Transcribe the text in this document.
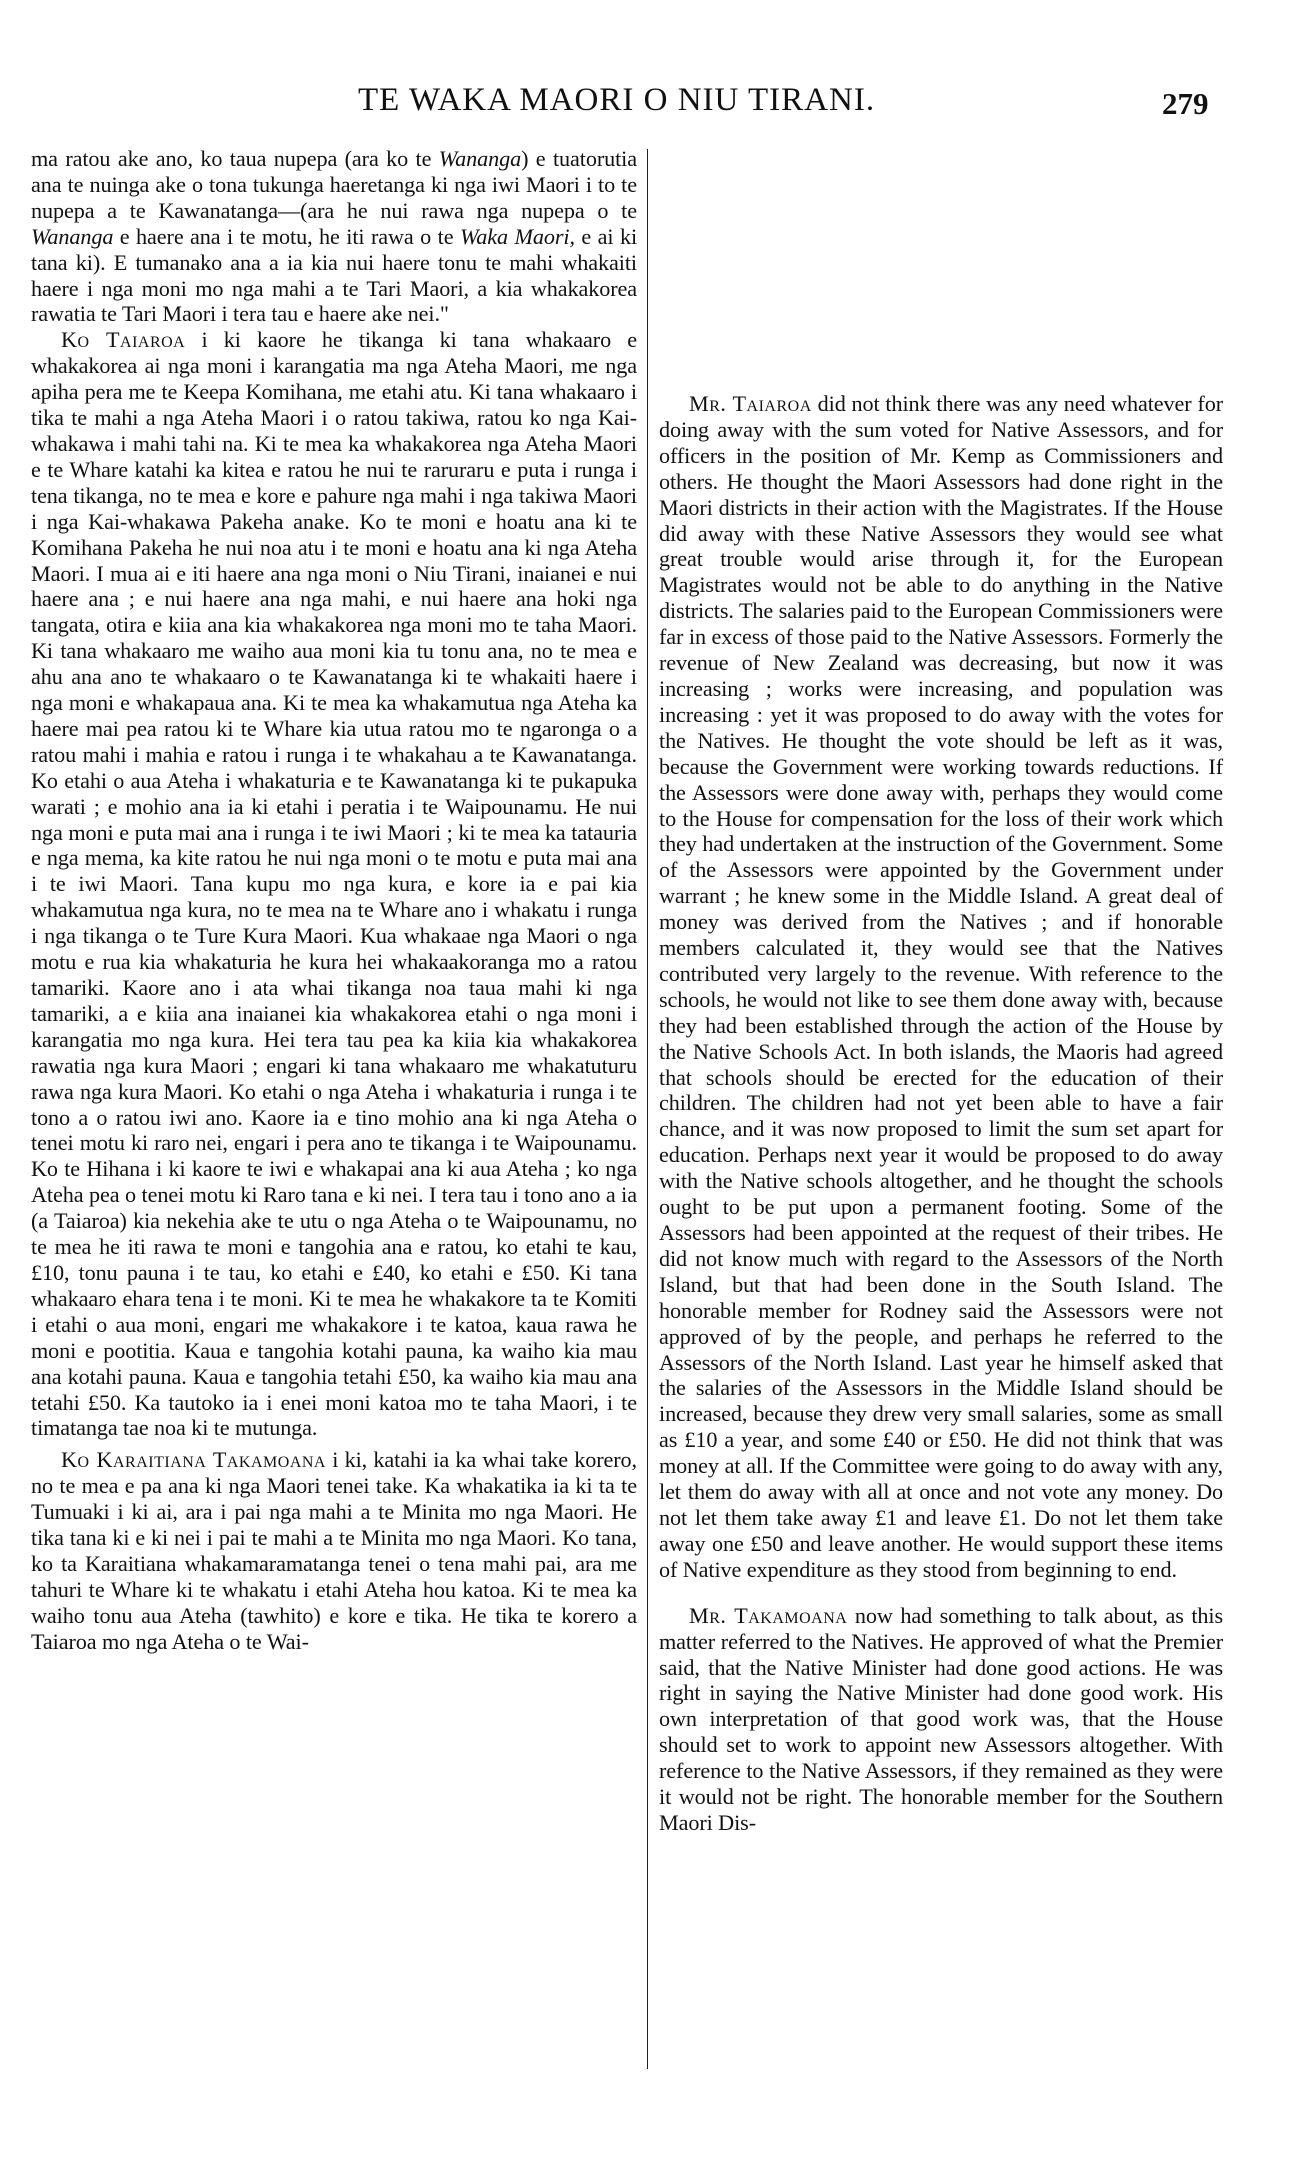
TE WAKA MAORI O NIU TIRANI.	279

ma ratou ake ano, ko taua nupepa (ara ko te Wananga) e tuatorutia ana te nuinga ake o tona tukunga haeretanga ki nga iwi Maori i to te nupepa a te Kawanatanga—(ara he nui rawa nga nupepa o te Wananga e haere ana i te motu, he iti rawa o te Waka Maori, e ai ki tana ki). E tumanako ana a ia kia nui haere tonu te mahi whakaiti haere i nga moni mo nga mahi a te Tari Maori, a kia whakakorea rawatia te Tari Maori i tera tau e haere ake nei."

Ko Taiaroa i ki kaore he tikanga ki tana whakaaro e whakakorea ai nga moni i karangatia ma nga Ateha Maori, me nga apiha pera me te Keepa Komihana, me etahi atu. Ki tana whakaaro i tika te mahi a nga Ateha Maori i o ratou takiwa, ratou ko nga Kai-whakawa i mahi tahi na. Ki te mea ka whakakorea nga Ateha Maori e te Whare katahi ka kitea e ratou he nui te raruraru e puta i runga i tena tikanga, no te mea e kore e pahure nga mahi i nga takiwa Maori i nga Kai-whakawa Pakeha anake. Ko te moni e hoatu ana ki te Komihana Pakeha he nui noa atu i te moni e hoatu ana ki nga Ateha Maori. I mua ai e iti haere ana nga moni o Niu Tirani, inaianei e nui haere ana ; e nui haere ana nga mahi, e nui haere ana hoki nga tangata, otira e kiia ana kia whakakorea nga moni mo te taha Maori. Ki tana whakaaro me waiho aua moni kia tu tonu ana, no te mea e ahu ana ano te whakaaro o te Kawanatanga ki te whakaiti haere i nga moni e whakapaua ana. Ki te mea ka whakamutua nga Ateha ka haere mai pea ratou ki te Whare kia utua ratou mo te ngaronga o a ratou mahi i mahia e ratou i runga i te whakahau a te Kawanatanga. Ko etahi o aua Ateha i whakaturia e te Kawanatanga ki te pukapuka warati ; e mohio ana ia ki etahi i peratia i te Waipounamu. He nui nga moni e puta mai ana i runga i te iwi Maori ; ki te mea ka tatauria e nga mema, ka kite ratou he nui nga moni o te motu e puta mai ana i te iwi Maori. Tana kupu mo nga kura, e kore ia e pai kia whakamutua nga kura, no te mea na te Whare ano i whakatu i runga i nga tikanga o te Ture Kura Maori. Kua whakaae nga Maori o nga motu e rua kia whakaturia he kura hei whakaakoranga mo a ratou tamariki. Kaore ano i ata whai tikanga noa taua mahi ki nga tamariki, a e kiia ana inaianei kia whakakorea etahi o nga moni i karangatia mo nga kura. Hei tera tau pea ka kiia kia whakakorea rawatia nga kura Maori ; engari ki tana whakaaro me whakatuturu rawa nga kura Maori. Ko etahi o nga Ateha i whakaturia i runga i te tono a o ratou iwi ano. Kaore ia e tino mohio ana ki nga Ateha o tenei motu ki raro nei, engari i pera ano te tikanga i te Waipounamu. Ko te Hihana i ki kaore te iwi e whakapai ana ki aua Ateha ; ko nga Ateha pea o tenei motu ki Raro tana e ki nei. I tera tau i tono ano a ia (a Taiaroa) kia nekehia ake te utu o nga Ateha o te Waipounamu, no te mea he iti rawa te moni e tangohia ana e ratou, ko etahi te kau, £10, tonu pauna i te tau, ko etahi e £40, ko etahi e £50. Ki tana whakaaro ehara tena i te moni. Ki te mea he whakakore ta te Komiti i etahi o aua moni, engari me whakakore i te katoa, kaua rawa he moni e pootitia. Kaua e tangohia kotahi pauna, ka waiho kia mau ana kotahi pauna. Kaua e tangohia tetahi £50, ka waiho kia mau ana tetahi £50. Ka tautoko ia i enei moni katoa mo te taha Maori, i te timatanga tae noa ki te mutunga.

Ko Karaitiana Takamoana i ki, katahi ia ka whai take korero, no te mea e pa ana ki nga Maori tenei take. Ka whakatika ia ki ta te Tumuaki i ki ai, ara i pai nga mahi a te Minita mo nga Maori. He tika tana ki e ki nei i pai te mahi a te Minita mo nga Maori. Ko tana, ko ta Karaitiana whakamaramatanga tenei o tena mahi pai, ara me tahuri te Whare ki te whakatu i etahi Ateha hou katoa. Ki te mea ka waiho tonu aua Ateha (tawhito) e kore e tika. He tika te korero a Taiaroa mo nga Ateha o te Wai-

Mr. Taiaroa did not think there was any need whatever for doing away with the sum voted for Native Assessors, and for officers in the position of Mr. Kemp as Commissioners and others. He thought the Maori Assessors had done right in the Maori districts in their action with the Magistrates. If the House did away with these Native Assessors they would see what great trouble would arise through it, for the European Magistrates would not be able to do anything in the Native districts. The salaries paid to the European Commissioners were far in excess of those paid to the Native Assessors. Formerly the revenue of New Zealand was decreasing, but now it was increasing ; works were increasing, and population was increasing : yet it was proposed to do away with the votes for the Natives. He thought the vote should be left as it was, because the Government were working towards reductions. If the Assessors were done away with, perhaps they would come to the House for compensation for the loss of their work which they had undertaken at the instruction of the Government. Some of the Assessors were appointed by the Government under warrant ; he knew some in the Middle Island. A great deal of money was derived from the Natives ; and if honorable members calculated it, they would see that the Natives contributed very largely to the revenue. With reference to the schools, he would not like to see them done away with, because they had been established through the action of the House by the Native Schools Act. In both islands, the Maoris had agreed that schools should be erected for the education of their children. The children had not yet been able to have a fair chance, and it was now proposed to limit the sum set apart for education. Perhaps next year it would be proposed to do away with the Native schools altogether, and he thought the schools ought to be put upon a permanent footing. Some of the Assessors had been appointed at the request of their tribes. He did not know much with regard to the Assessors of the North Island, but that had been done in the South Island. The honorable member for Rodney said the Assessors were not approved of by the people, and perhaps he referred to the Assessors of the North Island. Last year he himself asked that the salaries of the Assessors in the Middle Island should be increased, because they drew very small salaries, some as small as £10 a year, and some £40 or £50. He did not think that was money at all. If the Committee were going to do away with any, let them do away with all at once and not vote any money. Do not let them take away £1 and leave £1. Do not let them take away one £50 and leave another. He would support these items of Native expenditure as they stood from beginning to end.

Mr. Takamoana now had something to talk about, as this matter referred to the Natives. He approved of what the Premier said, that the Native Minister had done good actions. He was right in saying the Native Minister had done good work. His own interpretation of that good work was, that the House should set to work to appoint new Assessors altogether. With reference to the Native Assessors, if they remained as they were it would not be right. The honorable member for the Southern Maori Dis-
